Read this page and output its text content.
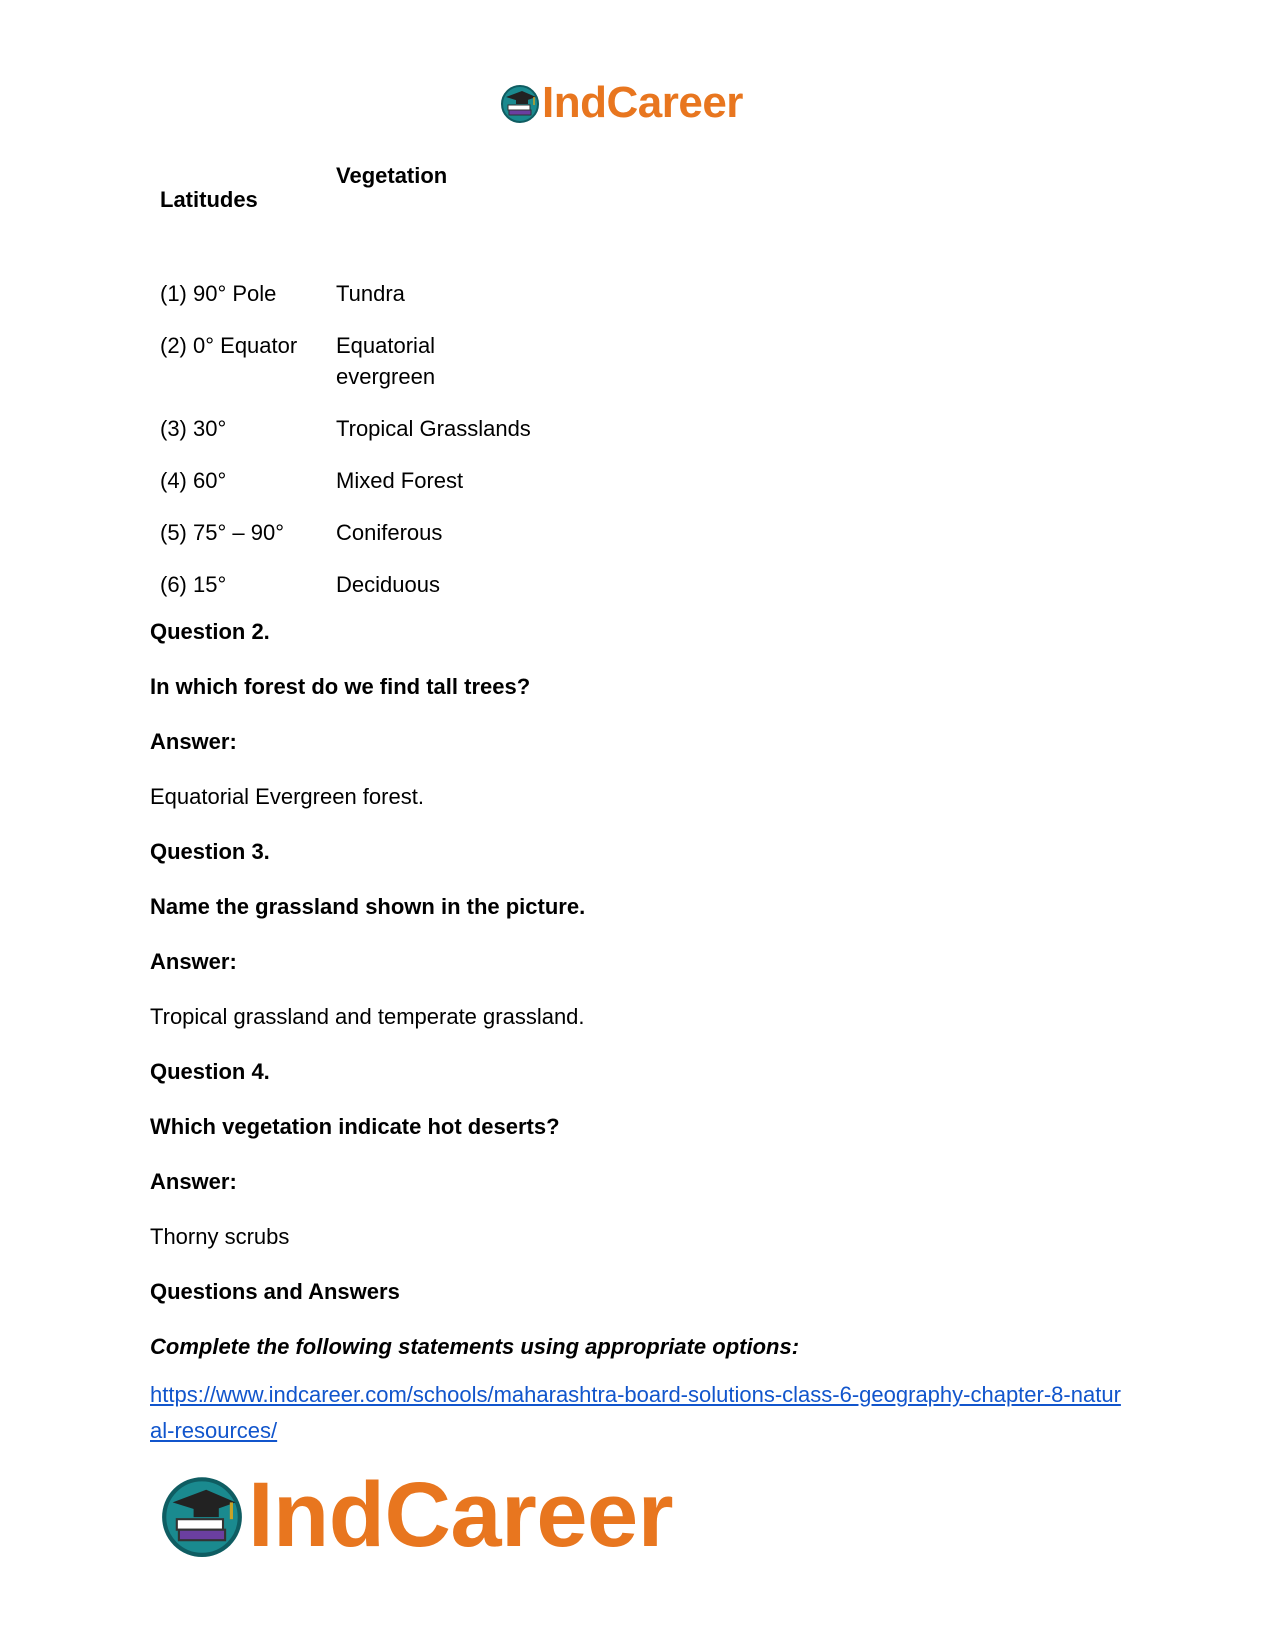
IndCareer
Latitudes	Vegetation
(1) 90° Pole	Tundra
(2) 0° Equator	Equatorial evergreen

(3) 30°	Tropical Grasslands
(4) 60°	Mixed Forest
(5) 75° – 90°	Coniferous
(6) 15°	Deciduous

Question 2.

In which forest do we find tall trees?

Answer:

Equatorial Evergreen forest.

Question 3.

Name the grassland shown in the picture.

Answer:

Tropical grassland and temperate grassland.

Question 4.

Which vegetation indicate hot deserts?

Answer:

Thorny scrubs

Questions and Answers

Complete the following statements using appropriate options:

https://www.indcareer.com/schools/maharashtra-board-solutions-class-6-geography-chapter-8-natural-resources/
IndCareer
